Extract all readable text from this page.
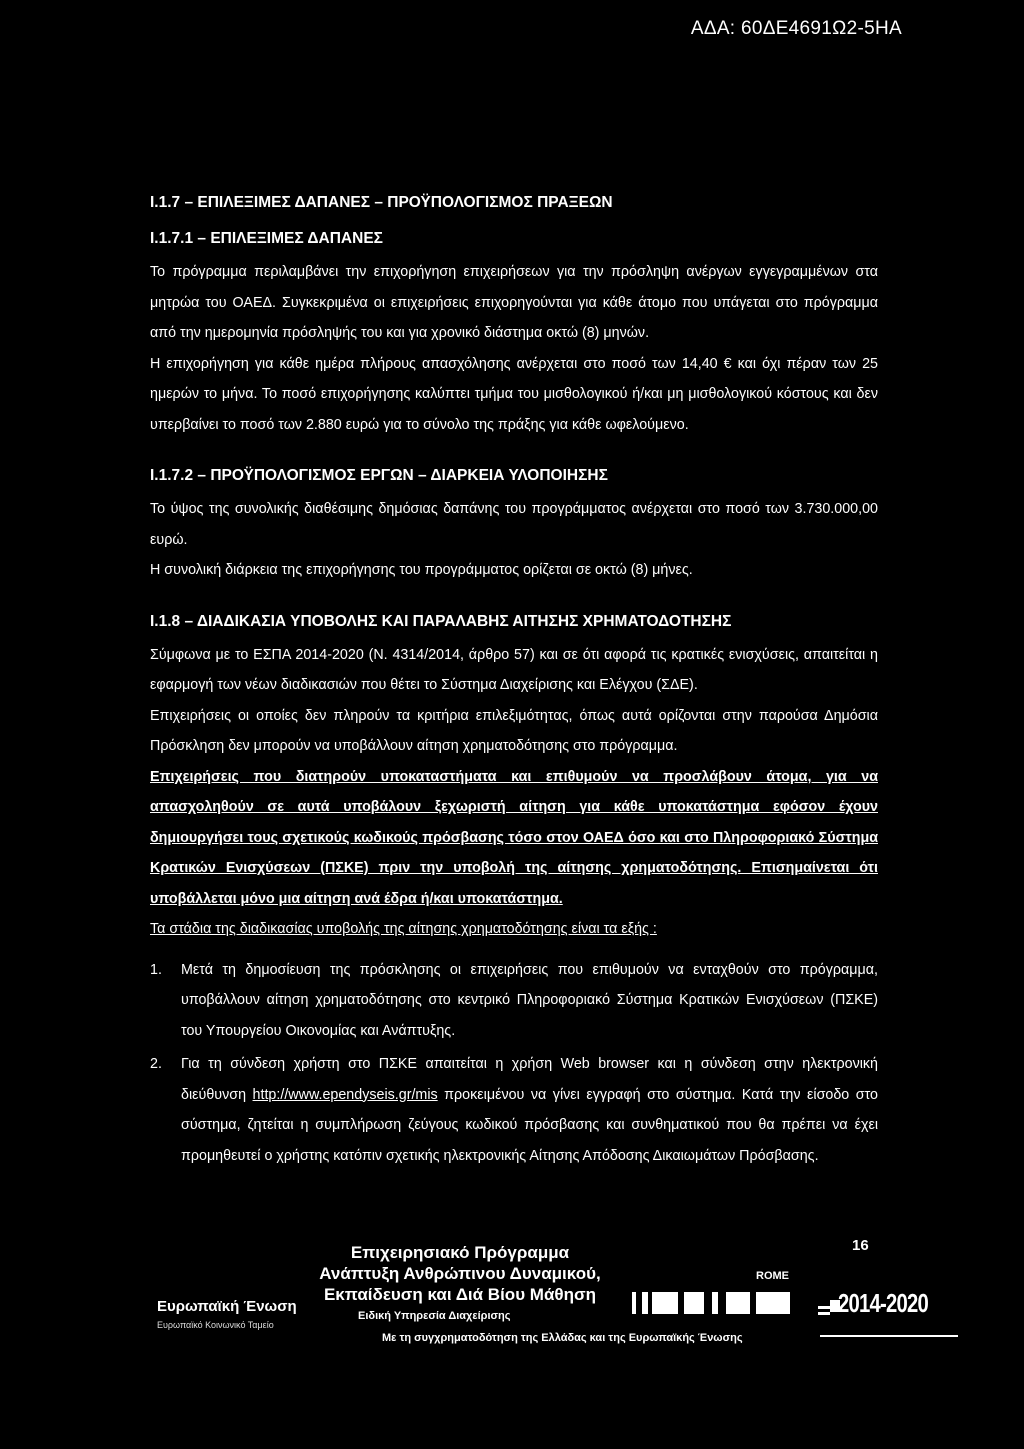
ΑΔΑ: 60ΔΕ4691Ω2-5ΗΑ

Ι.1.7 – ΕΠΙΛΕΞΙΜΕΣ ΔΑΠΑΝΕΣ – ΠΡΟΫΠΟΛΟΓΙΣΜΟΣ ΠΡΑΞΕΩΝ

Ι.1.7.1 – ΕΠΙΛΕΞΙΜΕΣ ΔΑΠΑΝΕΣ

Το πρόγραμμα περιλαμβάνει την επιχορήγηση επιχειρήσεων για την πρόσληψη ανέργων εγγεγραμμένων στα μητρώα του ΟΑΕΔ. Συγκεκριμένα οι επιχειρήσεις επιχορηγούνται για κάθε άτομο που υπάγεται στο πρόγραμμα από την ημερομηνία πρόσληψής του και για χρονικό διάστημα οκτώ (8) μηνών.

Η επιχορήγηση για κάθε ημέρα πλήρους απασχόλησης ανέρχεται στο ποσό των 14,40 € και όχι πέραν των 25 ημερών το μήνα. Το ποσό επιχορήγησης καλύπτει τμήμα του μισθολογικού ή/και μη μισθολογικού κόστους και δεν υπερβαίνει το ποσό των 2.880 ευρώ για το σύνολο της πράξης για κάθε ωφελούμενο.

Ι.1.7.2 – ΠΡΟΫΠΟΛΟΓΙΣΜΟΣ ΕΡΓΩΝ – ΔΙΑΡΚΕΙΑ ΥΛΟΠΟΙΗΣΗΣ

Το ύψος της συνολικής διαθέσιμης δημόσιας δαπάνης του προγράμματος ανέρχεται στο ποσό των 3.730.000,00 ευρώ.

Η συνολική διάρκεια της επιχορήγησης του προγράμματος ορίζεται σε οκτώ (8) μήνες.

Ι.1.8 – ΔΙΑΔΙΚΑΣΙΑ ΥΠΟΒΟΛΗΣ ΚΑΙ ΠΑΡΑΛΑΒΗΣ ΑΙΤΗΣΗΣ ΧΡΗΜΑΤΟΔΟΤΗΣΗΣ

Σύμφωνα με το ΕΣΠΑ 2014-2020 (Ν. 4314/2014, άρθρο 57) και σε ότι αφορά τις κρατικές ενισχύσεις, απαιτείται η εφαρμογή των νέων διαδικασιών που θέτει το Σύστημα Διαχείρισης και Ελέγχου (ΣΔΕ).

Επιχειρήσεις οι οποίες δεν πληρούν τα κριτήρια επιλεξιμότητας, όπως αυτά ορίζονται στην παρούσα Δημόσια Πρόσκληση δεν μπορούν να υποβάλλουν αίτηση χρηματοδότησης στο πρόγραμμα.

Επιχειρήσεις που διατηρούν υποκαταστήματα και επιθυμούν να προσλάβουν άτομα, για να απασχοληθούν σε αυτά υποβάλουν ξεχωριστή αίτηση για κάθε υποκατάστημα εφόσον έχουν δημιουργήσει τους σχετικούς κωδικούς πρόσβασης τόσο στον ΟΑΕΔ όσο και στο Πληροφοριακό Σύστημα Κρατικών Ενισχύσεων (ΠΣΚΕ) πριν την υποβολή της αίτησης χρηματοδότησης. Επισημαίνεται ότι υποβάλλεται μόνο μια αίτηση ανά έδρα ή/και υποκατάστημα.

Τα στάδια της διαδικασίας υποβολής της αίτησης χρηματοδότησης είναι τα εξής :

1. Μετά τη δημοσίευση της πρόσκλησης οι επιχειρήσεις που επιθυμούν να ενταχθούν στο πρόγραμμα, υποβάλλουν αίτηση χρηματοδότησης στο κεντρικό Πληροφοριακό Σύστημα Κρατικών Ενισχύσεων (ΠΣΚΕ) του Υπουργείου Οικονομίας και Ανάπτυξης.
2. Για τη σύνδεση χρήστη στο ΠΣΚΕ απαιτείται η χρήση Web browser και η σύνδεση στην ηλεκτρονική διεύθυνση http://www.ependyseis.gr/mis προκειμένου να γίνει εγγραφή στο σύστημα. Κατά την είσοδο στο σύστημα, ζητείται η συμπλήρωση ζεύγους κωδικού πρόσβασης και συνθηματικού που θα πρέπει να έχει προμηθευτεί ο χρήστης κατόπιν σχετικής ηλεκτρονικής Αίτησης Απόδοσης Δικαιωμάτων Πρόσβασης.
16
Επιχειρησιακό Πρόγραμμα
Ανάπτυξη Ανθρώπινου Δυναμικού,
Εκπαίδευση και Διά Βίου Μάθηση
Ειδική Υπηρεσία Διαχείρισης
Με τη συγχρηματοδότηση της Ελλάδας και της Ευρωπαϊκής Ένωσης
Ευρωπαϊκή Ένωση
Ευρωπαϊκό Κοινωνικό Ταμείο
ROME
2014-2020
